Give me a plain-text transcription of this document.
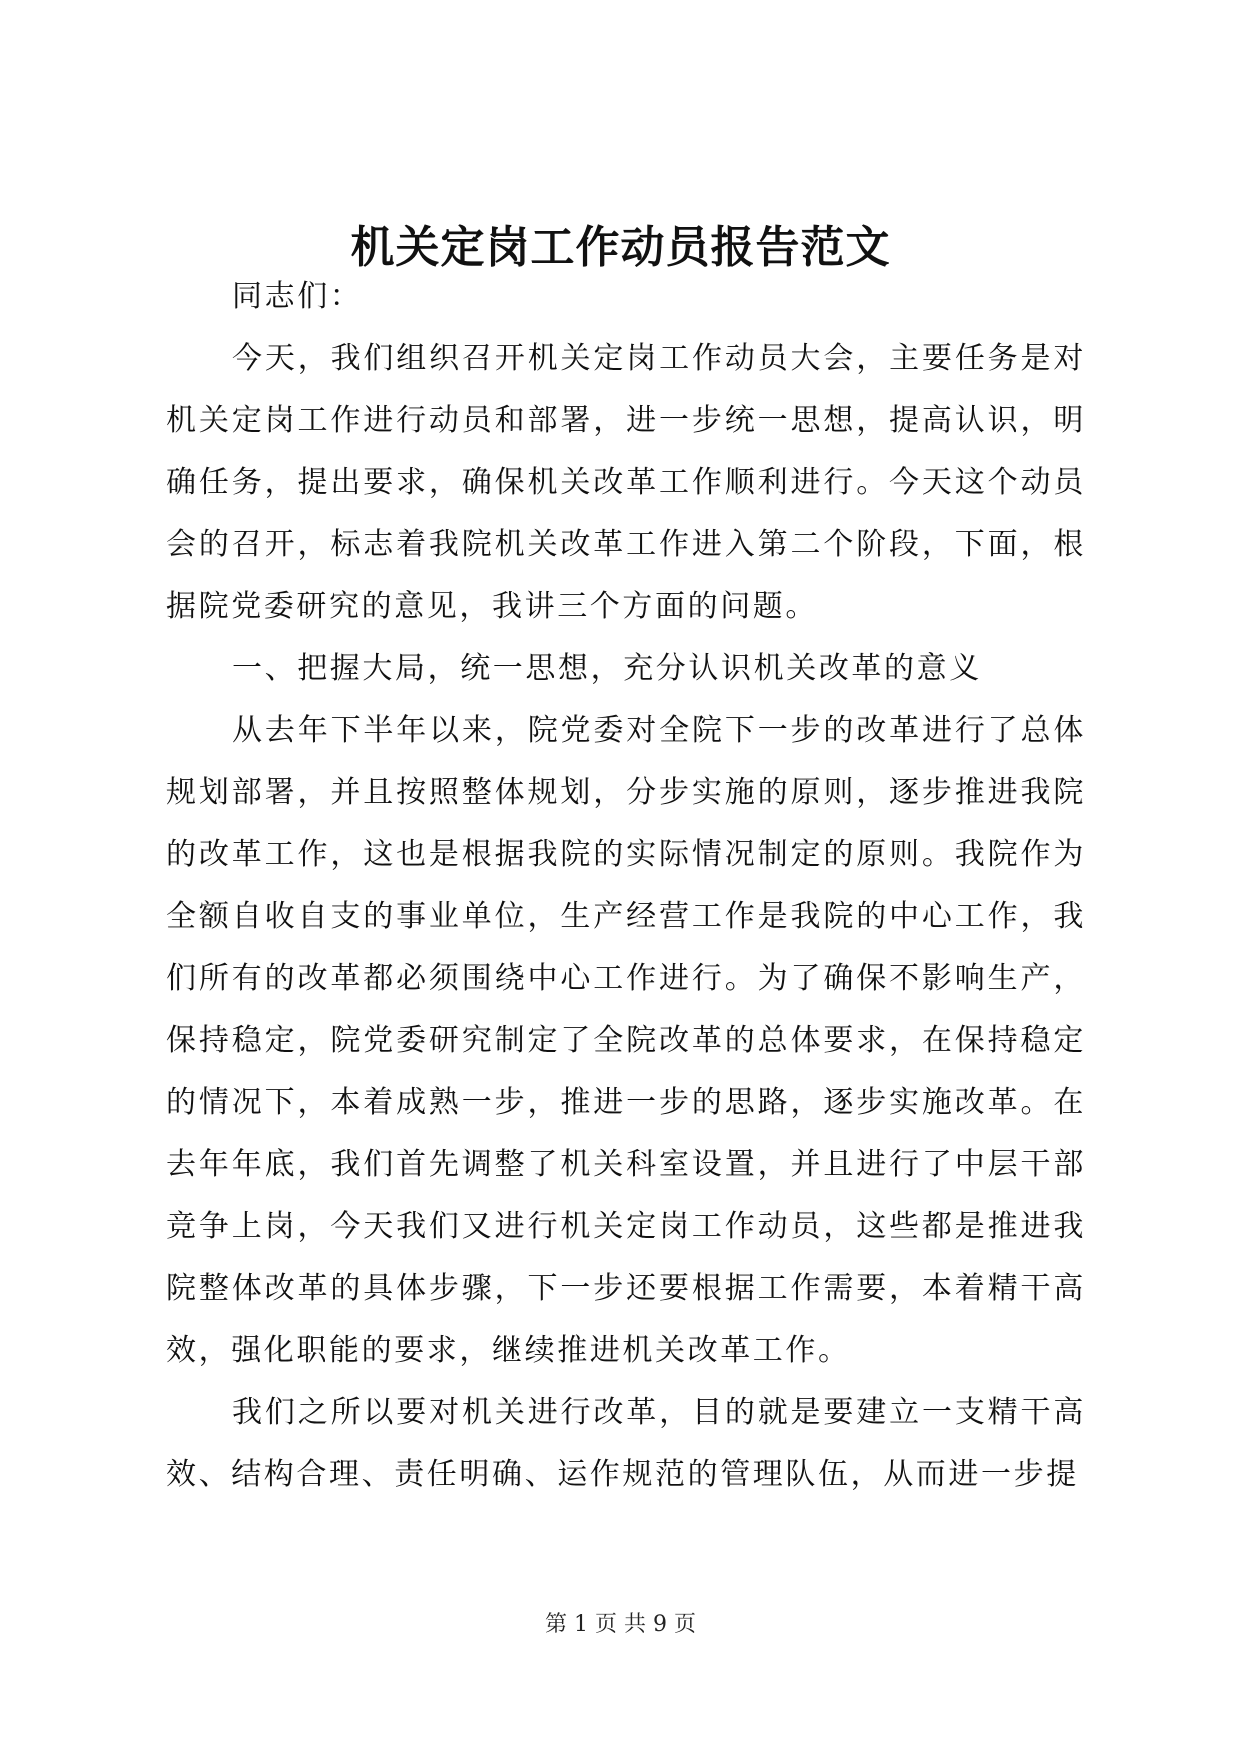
机关定岗工作动员报告范文

同志们：

今天，我们组织召开机关定岗工作动员大会，主要任务是对机关定岗工作进行动员和部署，进一步统一思想，提高认识，明确任务，提出要求，确保机关改革工作顺利进行。今天这个动员会的召开，标志着我院机关改革工作进入第二个阶段，下面，根据院党委研究的意见，我讲三个方面的问题。

一、把握大局，统一思想，充分认识机关改革的意义

从去年下半年以来，院党委对全院下一步的改革进行了总体规划部署，并且按照整体规划，分步实施的原则，逐步推进我院的改革工作，这也是根据我院的实际情况制定的原则。我院作为全额自收自支的事业单位，生产经营工作是我院的中心工作，我们所有的改革都必须围绕中心工作进行。为了确保不影响生产，保持稳定，院党委研究制定了全院改革的总体要求，在保持稳定的情况下，本着成熟一步，推进一步的思路，逐步实施改革。在去年年底，我们首先调整了机关科室设置，并且进行了中层干部竞争上岗，今天我们又进行机关定岗工作动员，这些都是推进我院整体改革的具体步骤，下一步还要根据工作需要，本着精干高效，强化职能的要求，继续推进机关改革工作。

我们之所以要对机关进行改革，目的就是要建立一支精干高效、结构合理、责任明确、运作规范的管理队伍，从而进一步提

第 1 页 共 9 页
